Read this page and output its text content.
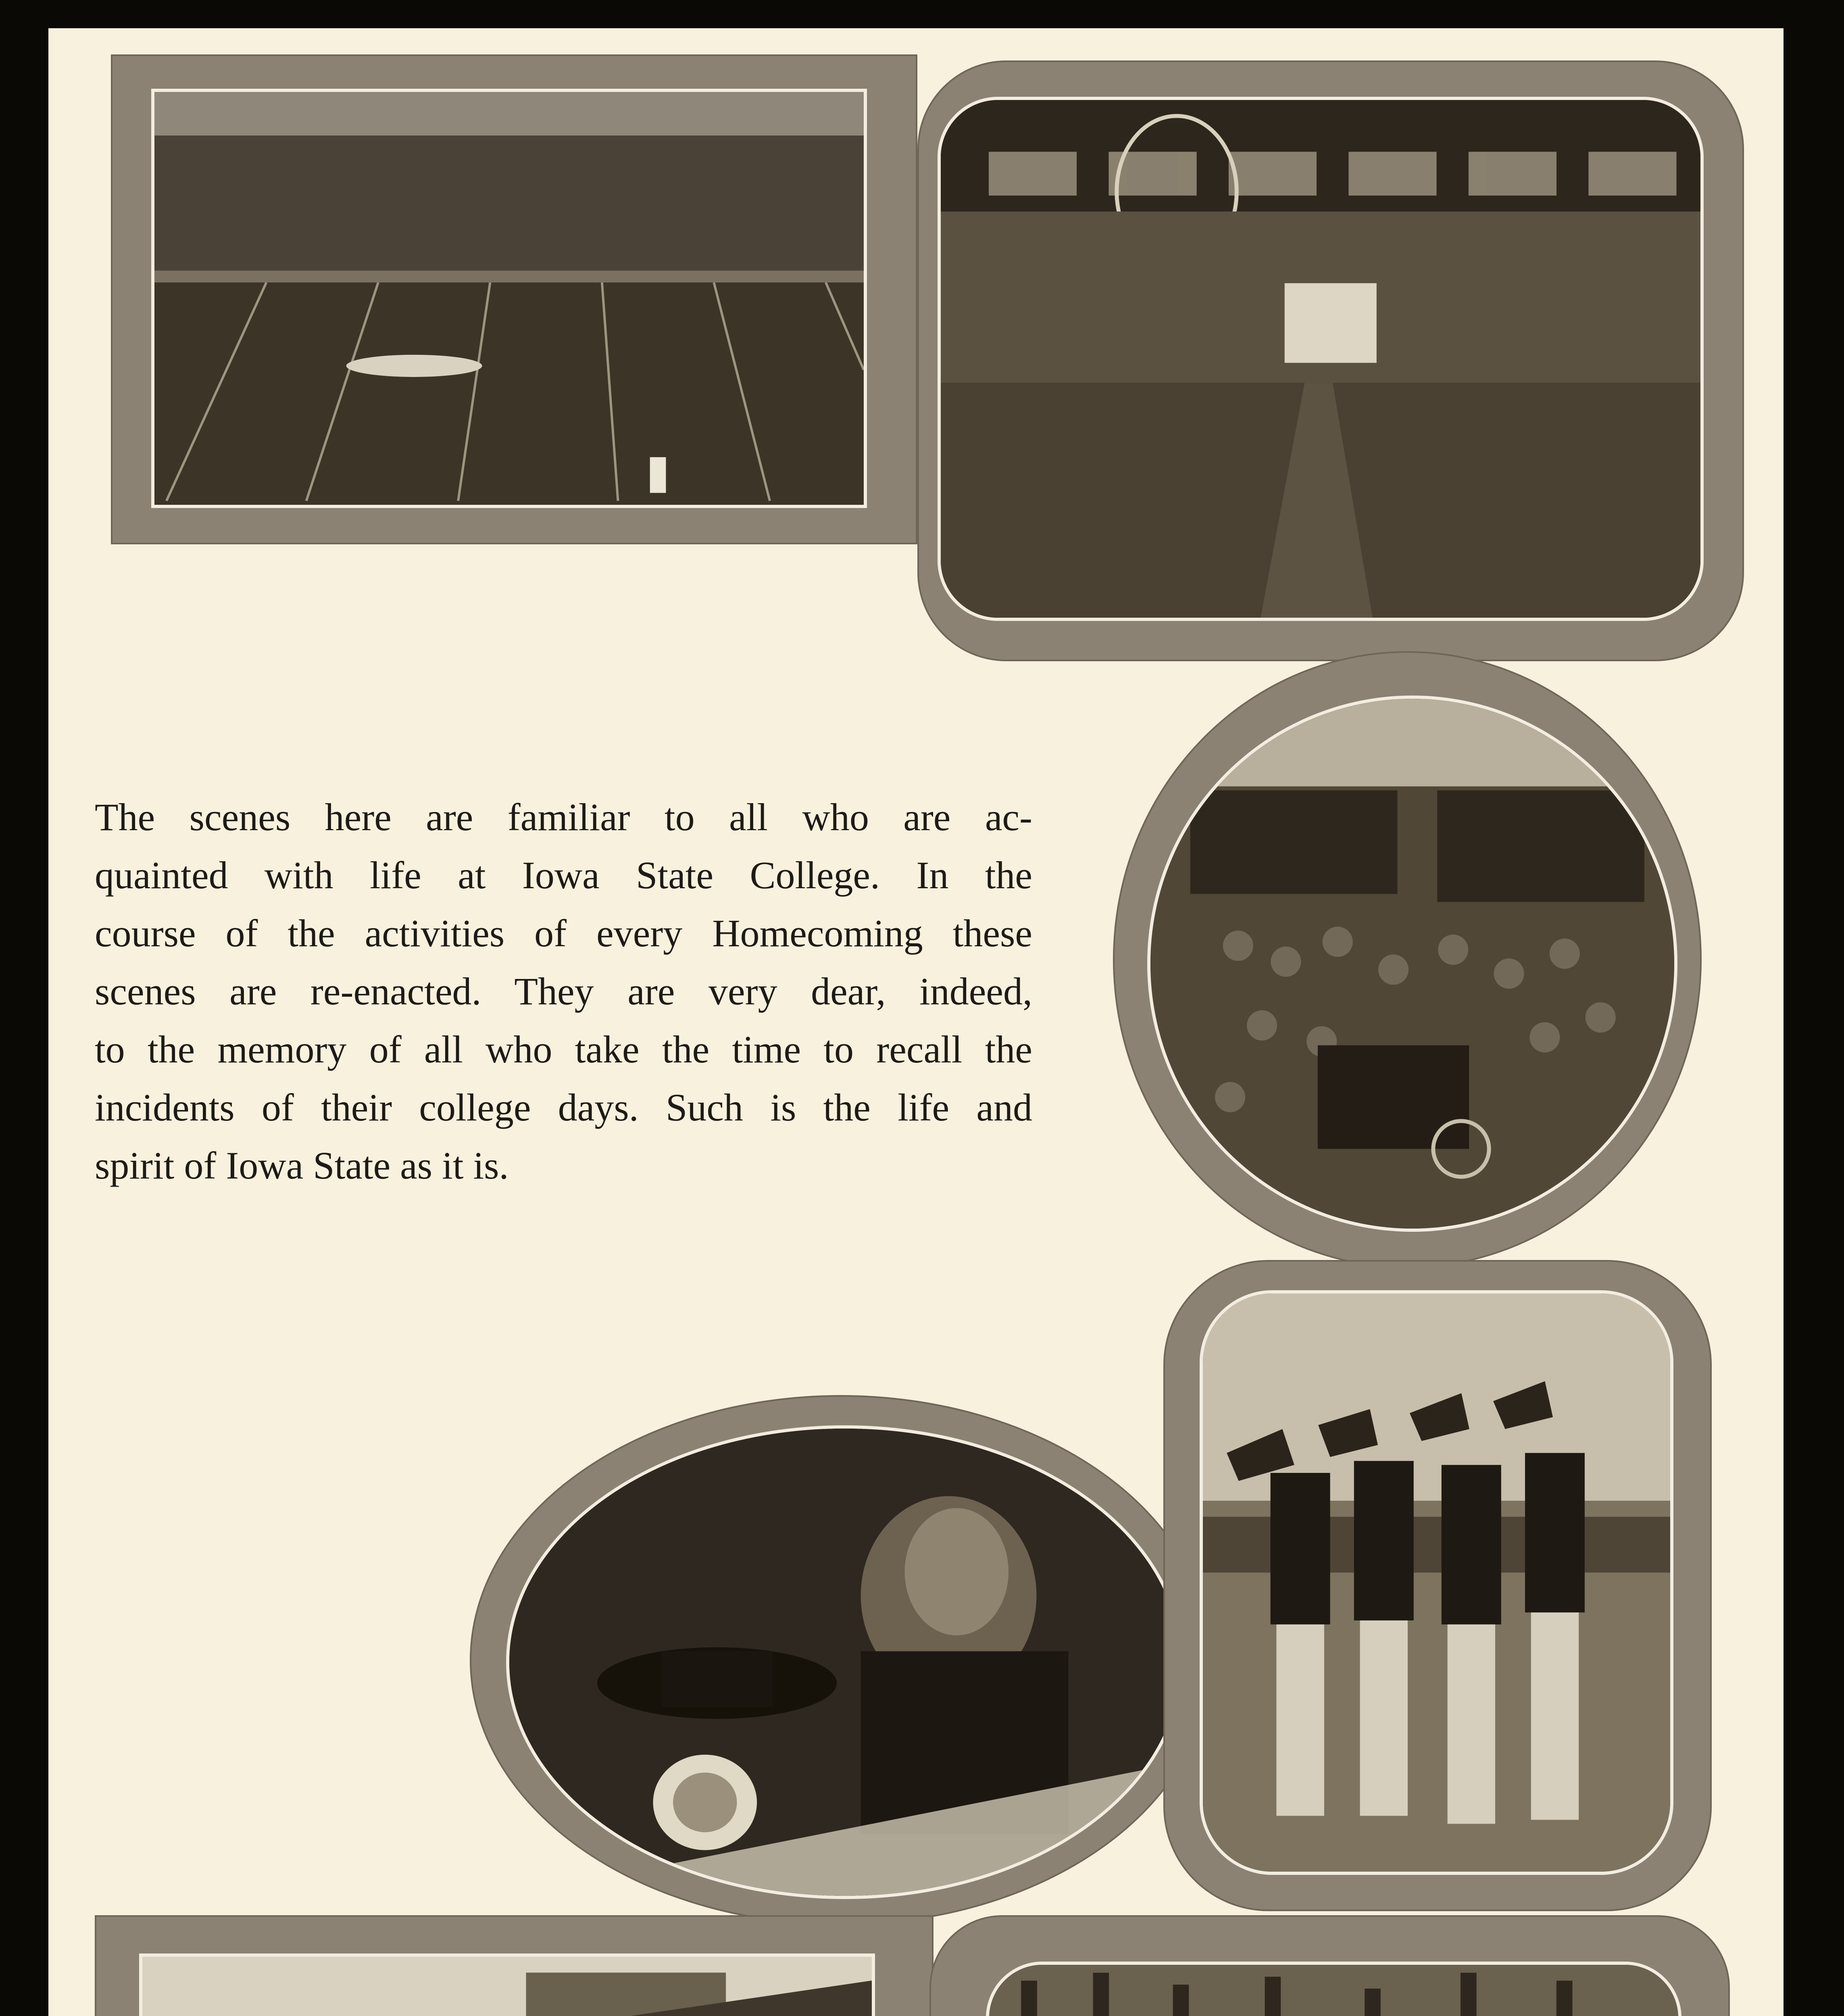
The scenes here are familiar to all who are ac-
quainted with life at Iowa State College. In the
course of the activities of every Homecoming these
scenes are re-enacted. They are very dear, indeed,
to the memory of all who take the time to recall the
incidents of their college days. Such is the life and
spirit of Iowa State as it is.
